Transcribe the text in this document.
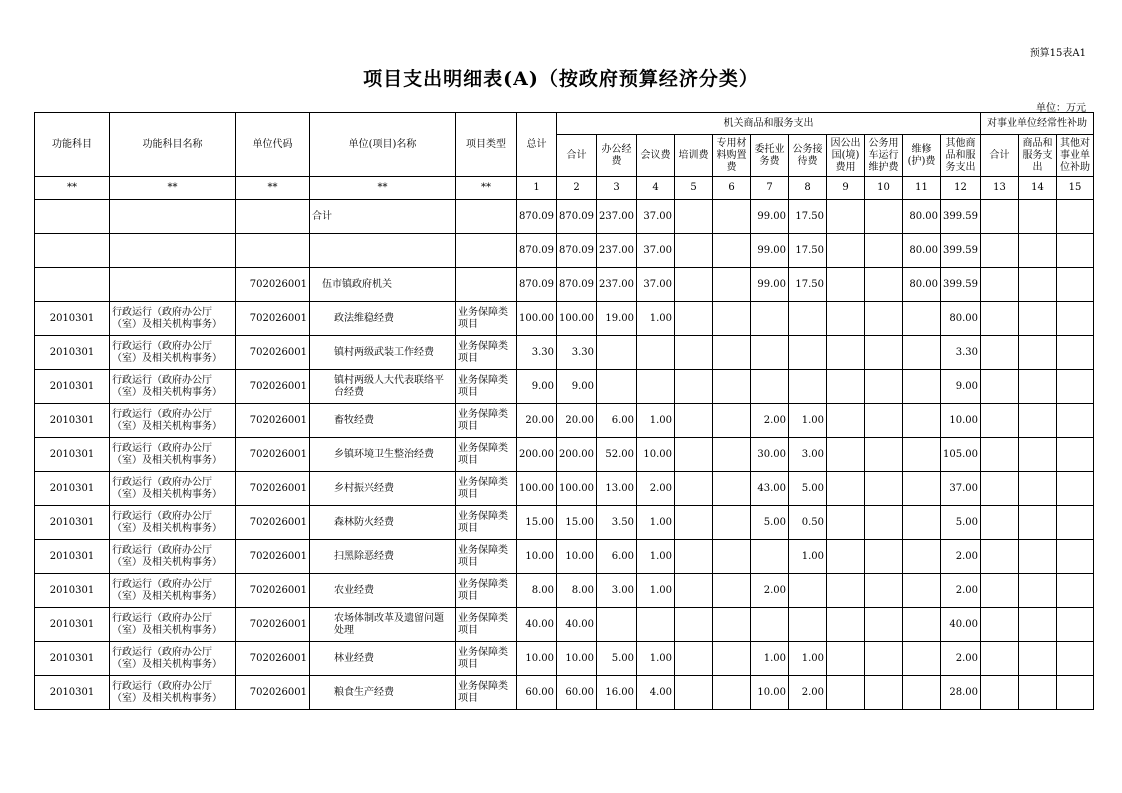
预算15表A1
项目支出明细表(A)（按政府预算经济分类）
单位：万元
功能科目	功能科目名称	单位代码	单位(项目)名称	项目类型	总计	机关商品和服务支出											对事业单位经常性补助		
						合计	办公经费	会议费	培训费	专用材料购置费	委托业务费	公务接待费	因公出国(境)费用	公务用车运行维护费	维修(护)费	其他商品和服务支出	合计	商品和服务支出	其他对事业单位补助
**	**	**	**	**	1	2	3	4	5	6	7	8	9	10	11	12	13	14	15
			合计		870.09	870.09	237.00	37.00			99.00	17.50			80.00	399.59			
					870.09	870.09	237.00	37.00			99.00	17.50			80.00	399.59			
		702026001	伍市镇政府机关		870.09	870.09	237.00	37.00			99.00	17.50			80.00	399.59			
2010301	行政运行（政府办公厅（室）及相关机构事务）	702026001	政法维稳经费	业务保障类项目	100.00	100.00	19.00	1.00								80.00			
2010301	行政运行（政府办公厅（室）及相关机构事务）	702026001	镇村两级武装工作经费	业务保障类项目	3.30	3.30										3.30			
2010301	行政运行（政府办公厅（室）及相关机构事务）	702026001	镇村两级人大代表联络平台经费	业务保障类项目	9.00	9.00										9.00			
2010301	行政运行（政府办公厅（室）及相关机构事务）	702026001	畜牧经费	业务保障类项目	20.00	20.00	6.00	1.00			2.00	1.00				10.00			
2010301	行政运行（政府办公厅（室）及相关机构事务）	702026001	乡镇环境卫生整治经费	业务保障类项目	200.00	200.00	52.00	10.00			30.00	3.00				105.00			
2010301	行政运行（政府办公厅（室）及相关机构事务）	702026001	乡村振兴经费	业务保障类项目	100.00	100.00	13.00	2.00			43.00	5.00				37.00			
2010301	行政运行（政府办公厅（室）及相关机构事务）	702026001	森林防火经费	业务保障类项目	15.00	15.00	3.50	1.00			5.00	0.50				5.00			
2010301	行政运行（政府办公厅（室）及相关机构事务）	702026001	扫黑除恶经费	业务保障类项目	10.00	10.00	6.00	1.00				1.00				2.00			
2010301	行政运行（政府办公厅（室）及相关机构事务）	702026001	农业经费	业务保障类项目	8.00	8.00	3.00	1.00			2.00					2.00			
2010301	行政运行（政府办公厅（室）及相关机构事务）	702026001	农场体制改革及遗留问题处理	业务保障类项目	40.00	40.00										40.00			
2010301	行政运行（政府办公厅（室）及相关机构事务）	702026001	林业经费	业务保障类项目	10.00	10.00	5.00	1.00			1.00	1.00				2.00			
2010301	行政运行（政府办公厅（室）及相关机构事务）	702026001	粮食生产经费	业务保障类项目	60.00	60.00	16.00	4.00			10.00	2.00				28.00			
